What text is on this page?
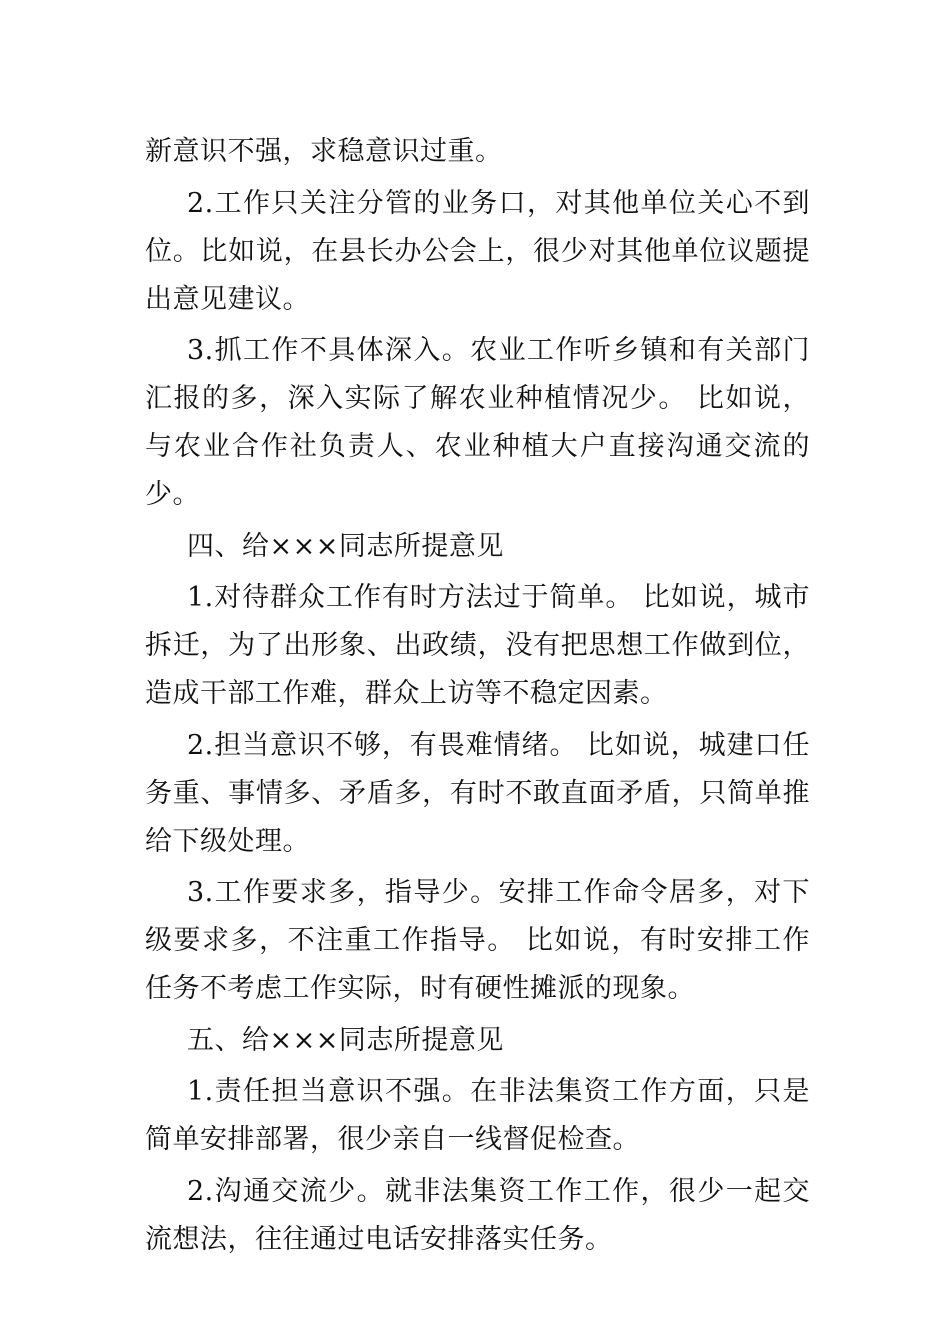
新意识不强，求稳意识过重。

2.工作只关注分管的业务口，对其他单位关心不到位。比如说，在县长办公会上，很少对其他单位议题提出意见建议。

3.抓工作不具体深入。农业工作听乡镇和有关部门汇报的多，深入实际了解农业种植情况少。 比如说，与农业合作社负责人、农业种植大户直接沟通交流的少。

四、给×××同志所提意见

1.对待群众工作有时方法过于简单。 比如说，城市拆迁，为了出形象、出政绩，没有把思想工作做到位，造成干部工作难，群众上访等不稳定因素。

2.担当意识不够，有畏难情绪。 比如说，城建口任务重、事情多、矛盾多，有时不敢直面矛盾，只简单推给下级处理。

3.工作要求多，指导少。安排工作命令居多，对下级要求多，不注重工作指导。 比如说，有时安排工作任务不考虑工作实际，时有硬性摊派的现象。

五、给×××同志所提意见

1.责任担当意识不强。在非法集资工作方面，只是简单安排部署，很少亲自一线督促检查。

2.沟通交流少。就非法集资工作工作，很少一起交流想法，往往通过电话安排落实任务。
